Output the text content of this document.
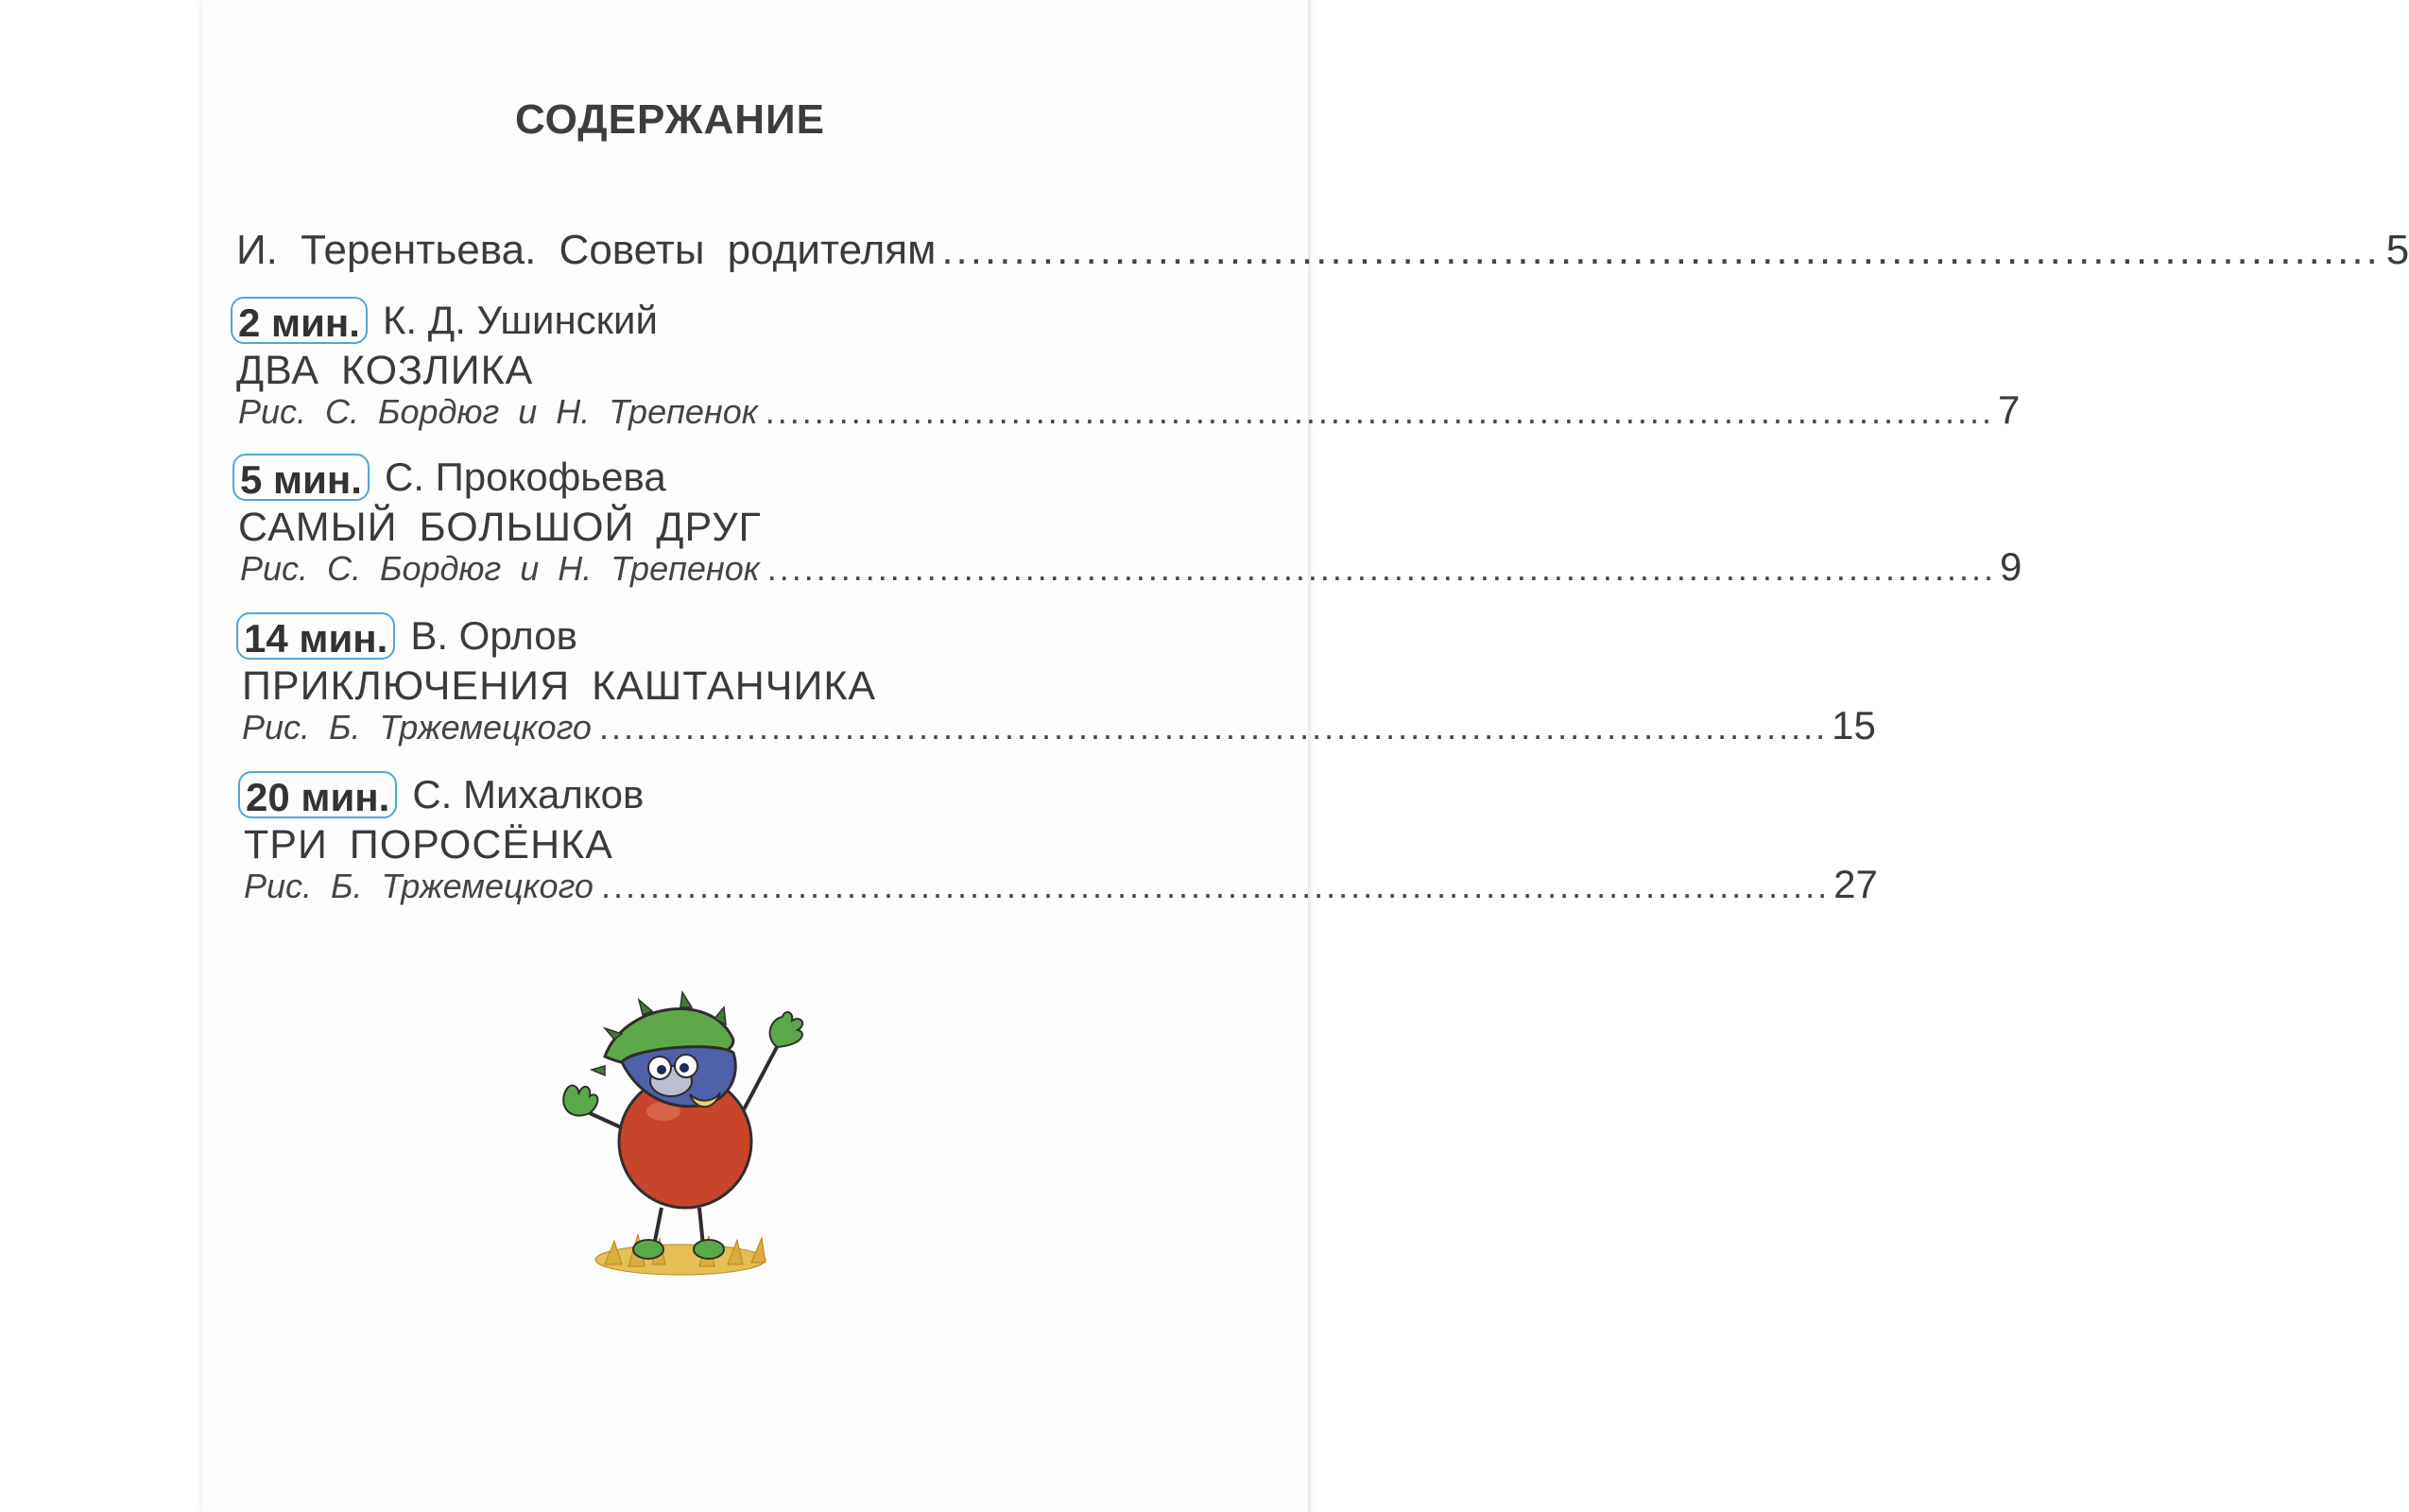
СОДЕРЖАНИЕ
И. Терентьева. Советы родителям .................................................................................................... 5
2 мин. К. Д. Ушинский
ДВА КОЗЛИКА
Рис. С. Бордюг и Н. Трепенок .................................................................................................... 7
5 мин. С. Прокофьева
САМЫЙ БОЛЬШОЙ ДРУГ
Рис. С. Бордюг и Н. Трепенок .................................................................................................... 9
14 мин. В. Орлов
ПРИКЛЮЧЕНИЯ КАШТАНЧИКА
Рис. Б. Тржемецкого .................................................................................................... 15
20 мин. С. Михалков
ТРИ ПОРОСЁНКА
Рис. Б. Тржемецкого .................................................................................................... 27
